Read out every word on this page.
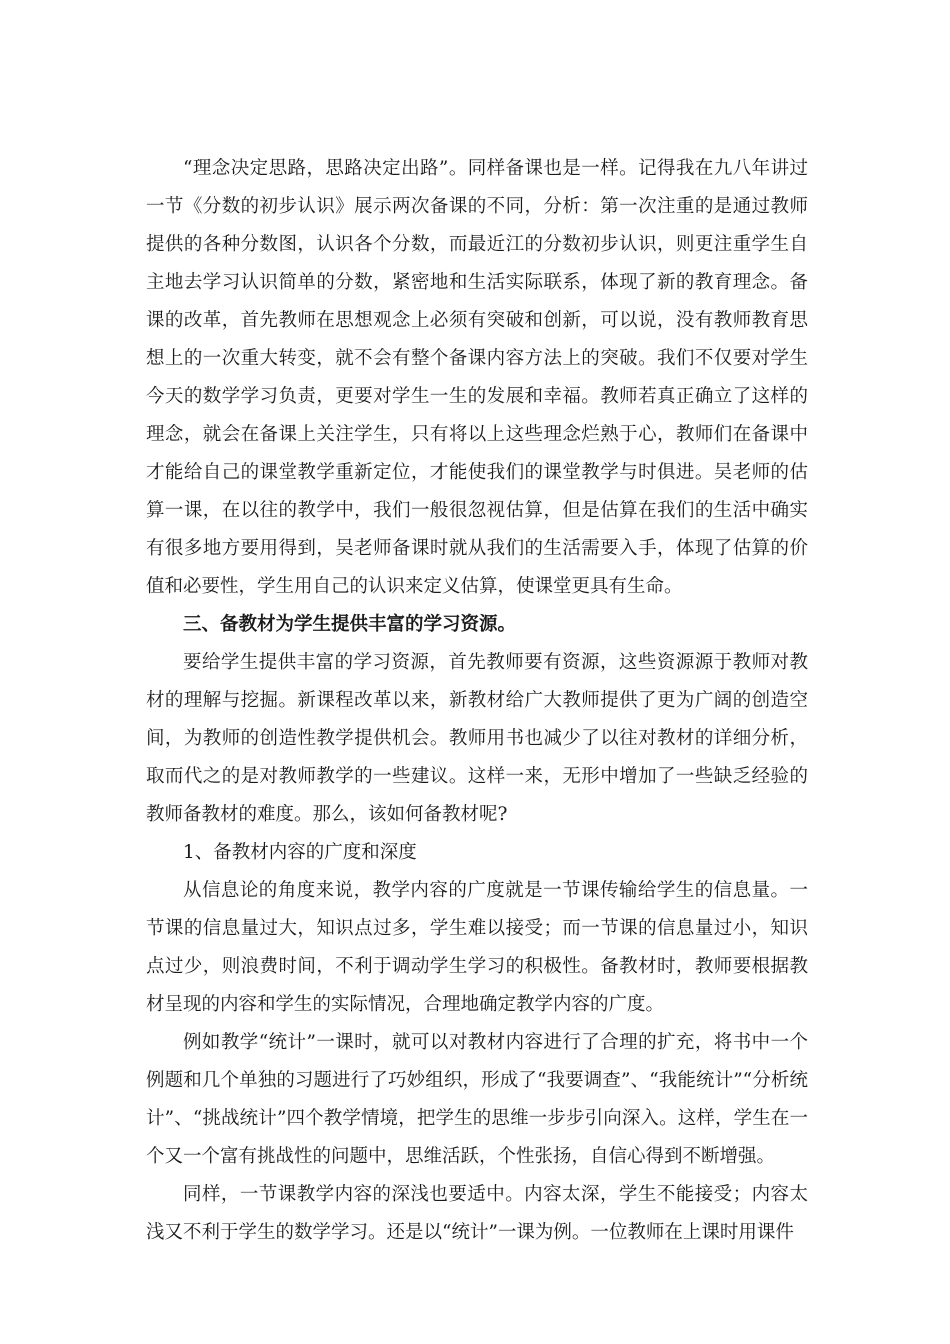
“理念决定思路，思路决定出路”。同样备课也是一样。记得我在九八年讲过一节《分数的初步认识》展示两次备课的不同，分析：第一次注重的是通过教师提供的各种分数图，认识各个分数，而最近江的分数初步认识，则更注重学生自主地去学习认识简单的分数，紧密地和生活实际联系，体现了新的教育理念。备课的改革，首先教师在思想观念上必须有突破和创新，可以说，没有教师教育思想上的一次重大转变，就不会有整个备课内容方法上的突破。我们不仅要对学生今天的数学学习负责，更要对学生一生的发展和幸福。教师若真正确立了这样的理念，就会在备课上关注学生，只有将以上这些理念烂熟于心，教师们在备课中才能给自己的课堂教学重新定位，才能使我们的课堂教学与时俱进。吴老师的估算一课，在以往的教学中，我们一般很忽视估算，但是估算在我们的生活中确实有很多地方要用得到，吴老师备课时就从我们的生活需要入手，体现了估算的价值和必要性，学生用自己的认识来定义估算，使课堂更具有生命。

三、备教材为学生提供丰富的学习资源。

要给学生提供丰富的学习资源，首先教师要有资源，这些资源源于教师对教材的理解与挖掘。新课程改革以来，新教材给广大教师提供了更为广阔的创造空间，为教师的创造性教学提供机会。教师用书也减少了以往对教材的详细分析，取而代之的是对教师教学的一些建议。这样一来，无形中增加了一些缺乏经验的教师备教材的难度。那么，该如何备教材呢?

1、备教材内容的广度和深度

从信息论的角度来说，教学内容的广度就是一节课传输给学生的信息量。一节课的信息量过大，知识点过多，学生难以接受；而一节课的信息量过小，知识点过少，则浪费时间，不利于调动学生学习的积极性。备教材时，教师要根据教材呈现的内容和学生的实际情况，合理地确定教学内容的广度。

例如教学“统计”一课时，就可以对教材内容进行了合理的扩充，将书中一个例题和几个单独的习题进行了巧妙组织，形成了“我要调查”、“我能统计”“分析统计”、“挑战统计”四个教学情境，把学生的思维一步步引向深入。这样，学生在一个又一个富有挑战性的问题中，思维活跃，个性张扬，自信心得到不断增强。

同样，一节课教学内容的深浅也要适中。内容太深，学生不能接受；内容太浅又不利于学生的数学学习。还是以“统计”一课为例。一位教师在上课时用课件
